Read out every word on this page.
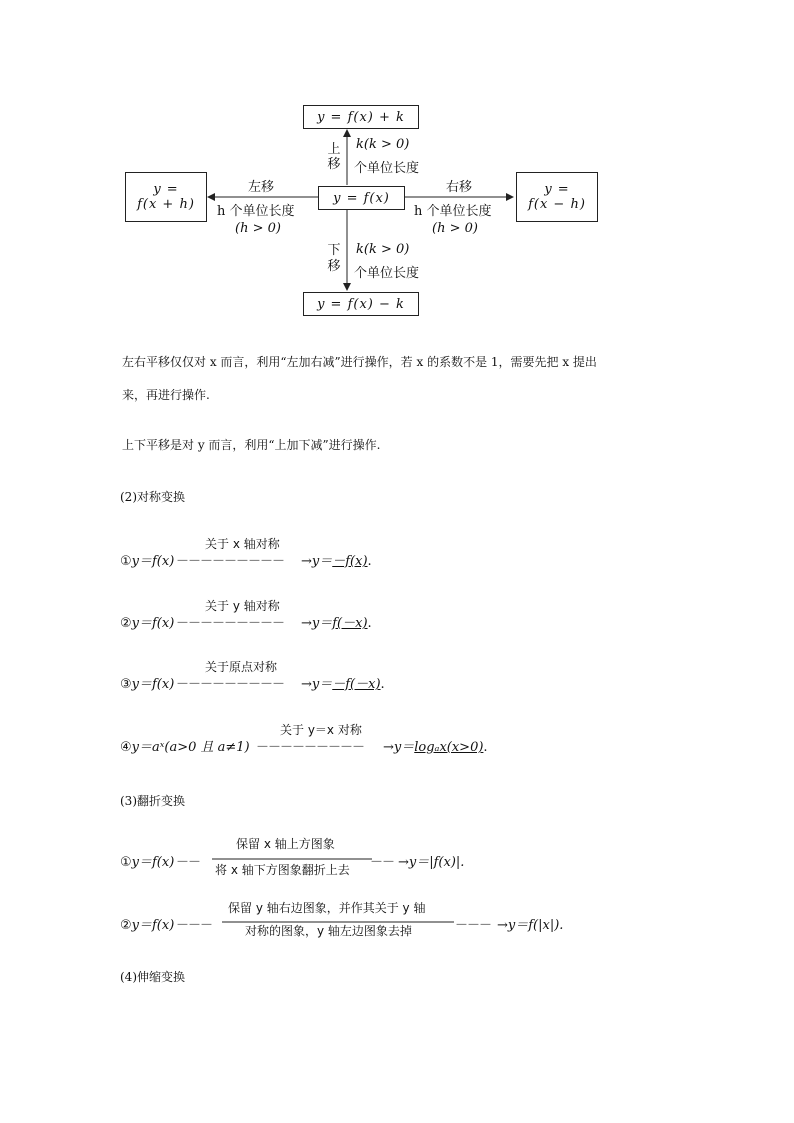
y = f(x) + k
y = f(x)
y = f(x) − k
y =
f(x + h)
y =
f(x − h)
上
移
k(k > 0)
个单位长度
下
移
k(k > 0)
个单位长度
左移
h 个单位长度
(h > 0)
右移
h 个单位长度
(h > 0)
左右平移仅仅对 x 而言，利用“左加右减”进行操作，若 x 的系数不是 1，需要先把 x 提出
来，再进行操作.
上下平移是对 y 而言，利用“上加下减”进行操作.
(2)对称变换
关于 x 轴对称
①y＝f(x) －－－－－－－－－ →y＝－f(x).
关于 y 轴对称
②y＝f(x) －－－－－－－－－ →y＝f(－x).
关于原点对称
③y＝f(x) －－－－－－－－－ →y＝－f(－x).
关于 y＝x 对称
④y＝aˣ(a>0 且 a≠1) －－－－－－－－－ →y＝logₐx(x>0).
(3)翻折变换
保留 x 轴上方图象
①y＝f(x) －－	－－
将 x 轴下方图象翻折上去	→y＝|f(x)|.
保留 y 轴右边图象，并作其关于 y 轴
②y＝f(x) －－－	－－－
对称的图象，y 轴左边图象去掉	→y＝f(|x|).
(4)伸缩变换
